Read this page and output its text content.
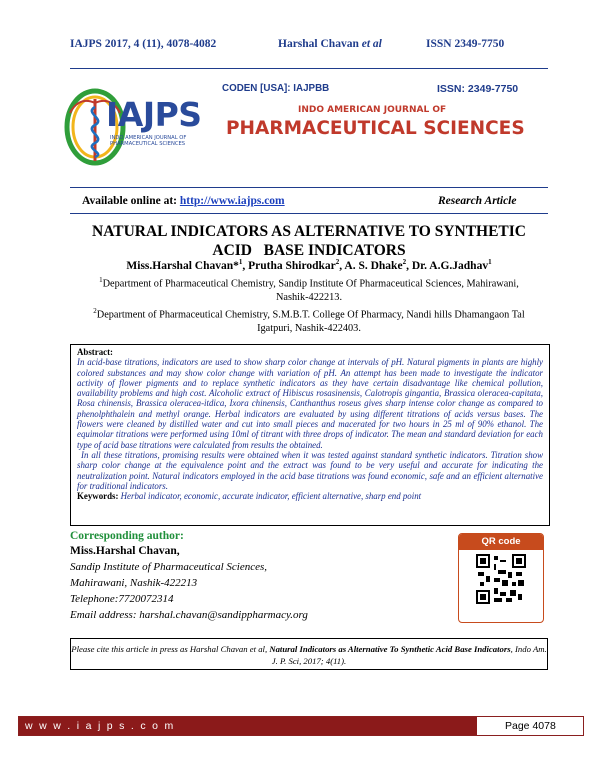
IAJPS 2017, 4 (11), 4078-4082	Harshal Chavan et al	ISSN 2349-7750
IAJPS
INDO AMERICAN JOURNAL OF
PHARMACEUTICAL SCIENCES
CODEN [USA]: IAJPBB	ISSN: 2349-7750
INDO AMERICAN JOURNAL OF
PHARMACEUTICAL SCIENCES
Available online at: http://www.iajps.com	Research Article
NATURAL INDICATORS AS ALTERNATIVE TO SYNTHETIC
ACID   BASE INDICATORS
Miss.Harshal Chavan*$^1$, Prutha Shirodkar$^2$, A. S. Dhake$^2$, Dr. A.G.Jadhav$^1$
$^1$Department of Pharmaceutical Chemistry, Sandip Institute Of Pharmaceutical Sciences, Mahirawani,
Nashik-422213.
$^2$Department of Pharmaceutical Chemistry, S.M.B.T. College Of Pharmacy, Nandi hills Dhamangaon Tal
Igatpuri, Nashik-422403.
Abstract:
In acid-base titrations, indicators are used to show sharp color change at intervals of pH. Natural pigments in plants are highly colored substances and may show color change with variation of pH. An attempt has been made to investigate the indicator activity of flower pigments and to replace synthetic indicators as they have certain disadvantage like chemical pollution, availability problems and high cost. Alcoholic extract of Hibiscus rosasinensis, Calotropis gingantia, Brassica oleracea-capitata, Rosa chinensis, Brassica oleracea-itdica, Ixora chinensis, Canthanthus roseus gives sharp intense color change as compared to phenolphthalein and methyl orange. Herbal indicators are evaluated by using different titrations of acids versus bases. The flowers were cleaned by distilled water and cut into small pieces and macerated for two hours in 25 ml of 90% ethanol. The equimolar titrations were performed using 10ml of titrant with three drops of indicator. The mean and standard deviation for each type of acid base titrations were calculated from results the obtained.
In all these titrations, promising results were obtained when it was tested against standard synthetic indicators. Titration show sharp color change at the equivalence point and the extract was found to be very useful and accurate for indicating the neutralization point. Natural indicators employed in the acid base titrations was found economic, safe and an efficient alternative for traditional indicators.
Keywords: Herbal indicator, economic, accurate indicator, efficient alternative, sharp end point
Corresponding author:
Miss.Harshal Chavan,
Sandip Institute of Pharmaceutical Sciences,
Mahirawani, Nashik-422213
Telephone:7720072314
Email address: harshal.chavan@sandippharmacy.org
QR code
Please cite this article in press as Harshal Chavan et al, Natural Indicators as Alternative To Synthetic Acid Base Indicators, Indo Am. J. P. Sci, 2017; 4(11).
w w w . i a j p s . c o m	Page 4078
